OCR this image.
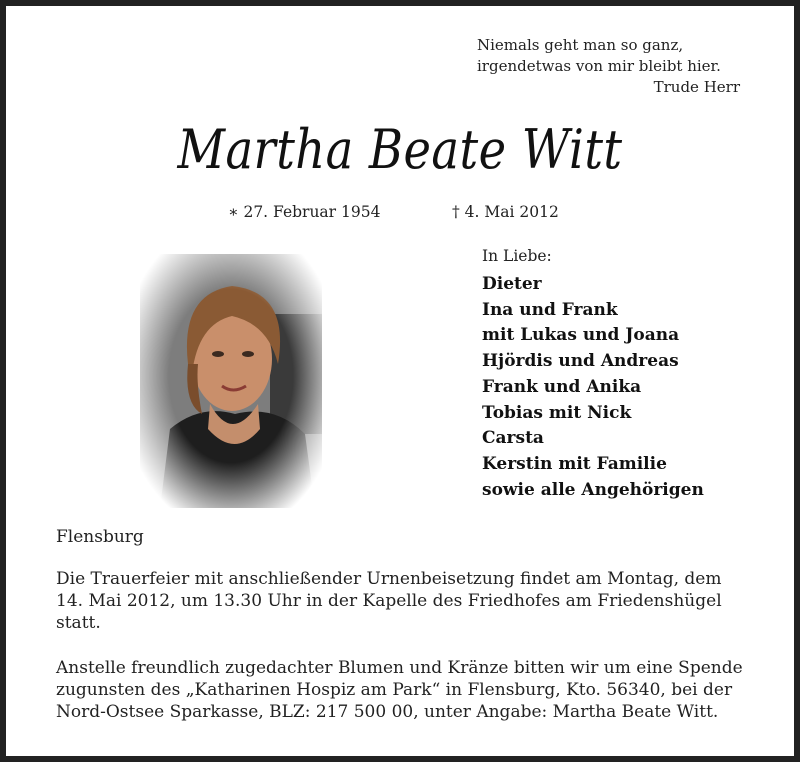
Niemals geht man so ganz,
irgendetwas von mir bleibt hier.
Trude Herr
Martha Beate Witt
∗ 27. Februar 1954	† 4. Mai 2012
In Liebe:
Dieter
Ina und Frank
mit Lukas und Joana
Hjördis und Andreas
Frank und Anika
Tobias mit Nick
Carsta
Kerstin mit Familie
sowie alle Angehörigen
Flensburg

Die Trauerfeier mit anschließender Urnenbeisetzung findet am Montag, dem 14. Mai 2012, um 13.30 Uhr in der Kapelle des Friedhofes am Friedenshügel statt.

Anstelle freundlich zugedachter Blumen und Kränze bitten wir um eine Spende zugunsten des „Katharinen Hospiz am Park“ in Flensburg, Kto. 56340, bei der Nord-Ostsee Sparkasse, BLZ: 217 500 00, unter Angabe: Martha Beate Witt.
